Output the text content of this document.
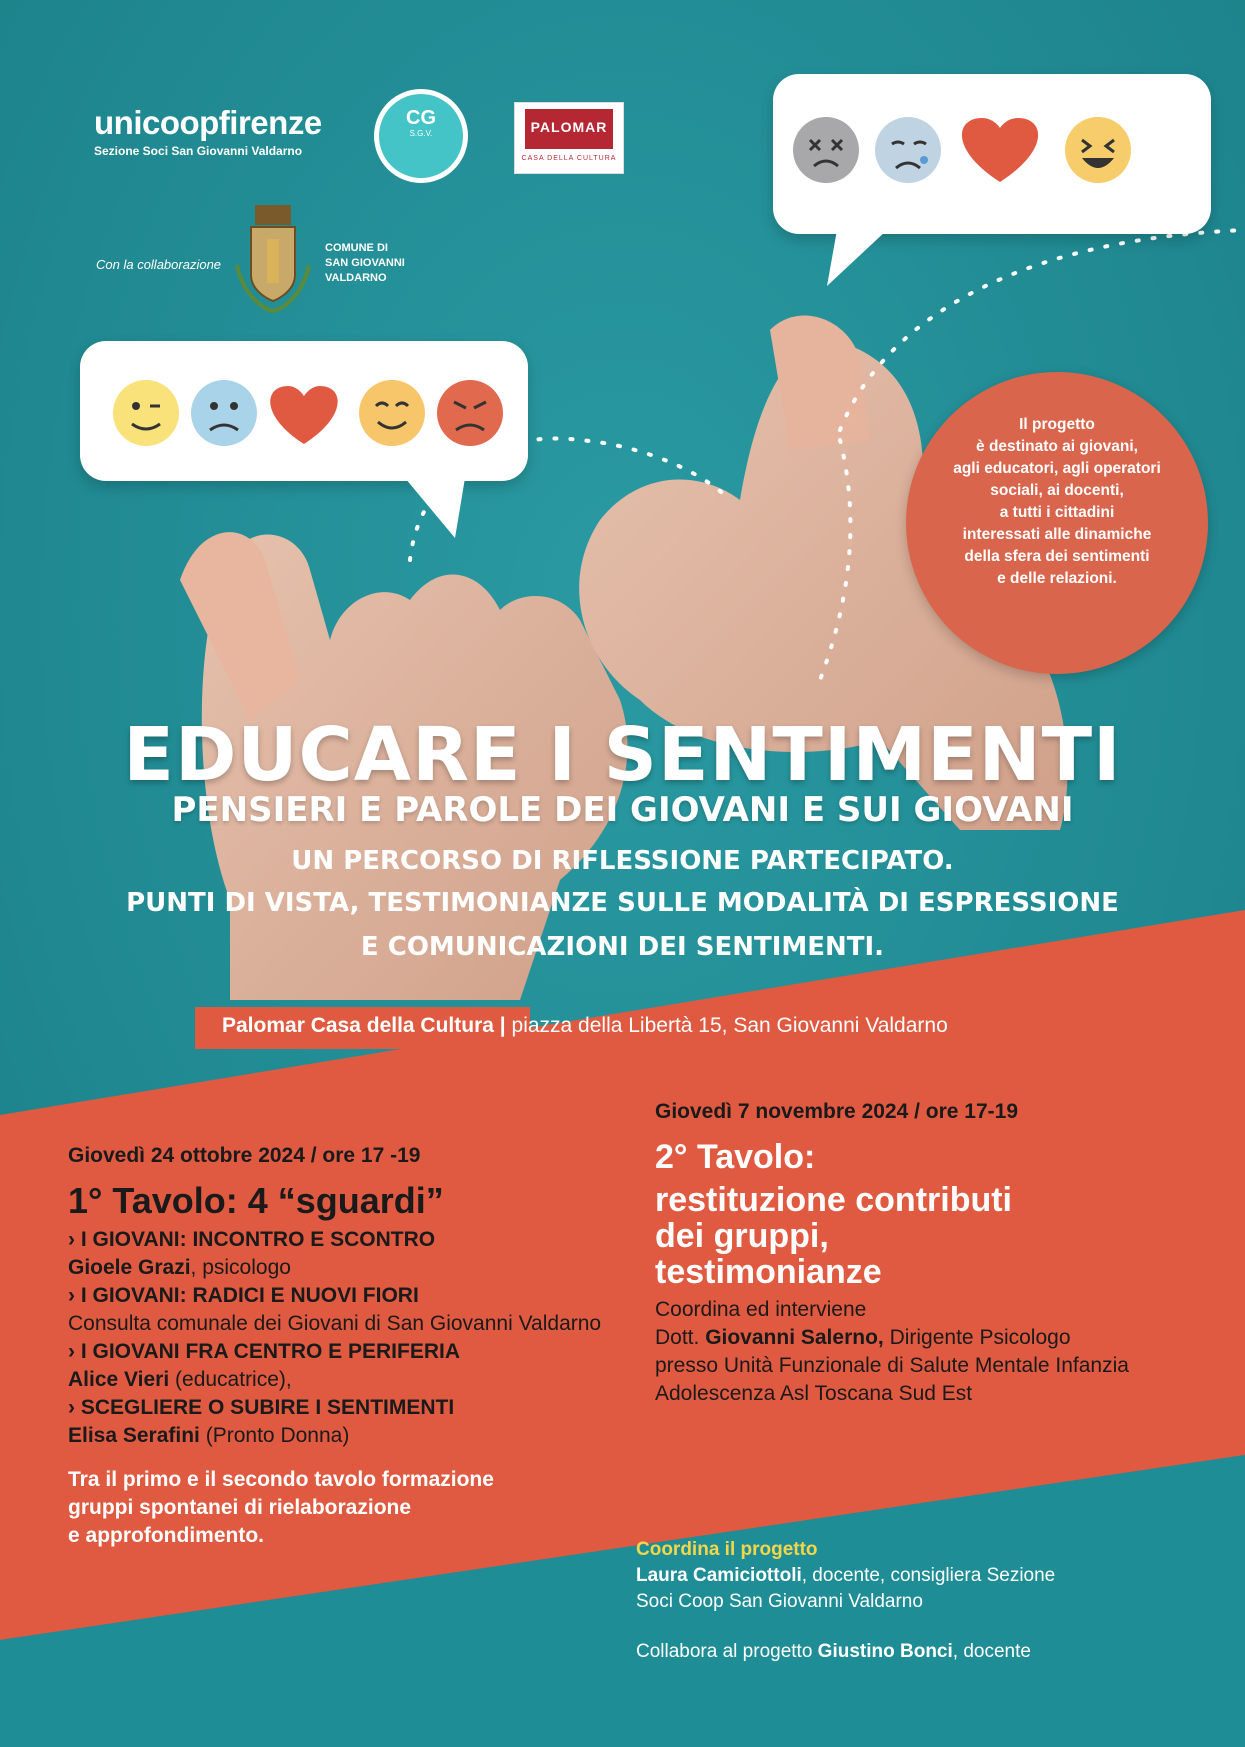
unicoopfirenze
Sezione Soci San Giovanni Valdarno
CG
S.G.V.	PALOMAR
CASA DELLA CULTURA
Con la collaborazione
COMUNE DI
SAN GIOVANNI
VALDARNO
Il progetto
è destinato ai giovani,
agli educatori, agli operatori
sociali, ai docenti,
a tutti i cittadini
interessati alle dinamiche
della sfera dei sentimenti
e delle relazioni.
EDUCARE I SENTIMENTI
PENSIERI E PAROLE DEI GIOVANI E SUI GIOVANI
UN PERCORSO DI RIFLESSIONE PARTECIPATO.
PUNTI DI VISTA, TESTIMONIANZE SULLE MODALITÀ DI ESPRESSIONE
E COMUNICAZIONI DEI SENTIMENTI.
Palomar Casa della Cultura | piazza della Libertà 15, San Giovanni Valdarno
Giovedì 24 ottobre 2024 / ore 17 -19
1° Tavolo: 4 “sguardi”
› I GIOVANI: INCONTRO E SCONTRO
Gioele Grazi, psicologo
› I GIOVANI: RADICI E NUOVI FIORI
Consulta comunale dei Giovani di San Giovanni Valdarno
› I GIOVANI FRA CENTRO E PERIFERIA
Alice Vieri (educatrice),
› SCEGLIERE O SUBIRE I SENTIMENTI
Elisa Serafini (Pronto Donna)
Tra il primo e il secondo tavolo formazione
gruppi spontanei di rielaborazione
e approfondimento.
Giovedì 7 novembre 2024 / ore 17-19
2° Tavolo:
restituzione contributi
dei gruppi,
testimonianze
Coordina ed interviene
Dott. Giovanni Salerno, Dirigente Psicologo
presso Unità Funzionale di Salute Mentale Infanzia
Adolescenza Asl Toscana Sud Est
Coordina il progetto
Laura Camiciottoli, docente, consigliera Sezione
Soci Coop San Giovanni Valdarno
Collabora al progetto Giustino Bonci, docente
